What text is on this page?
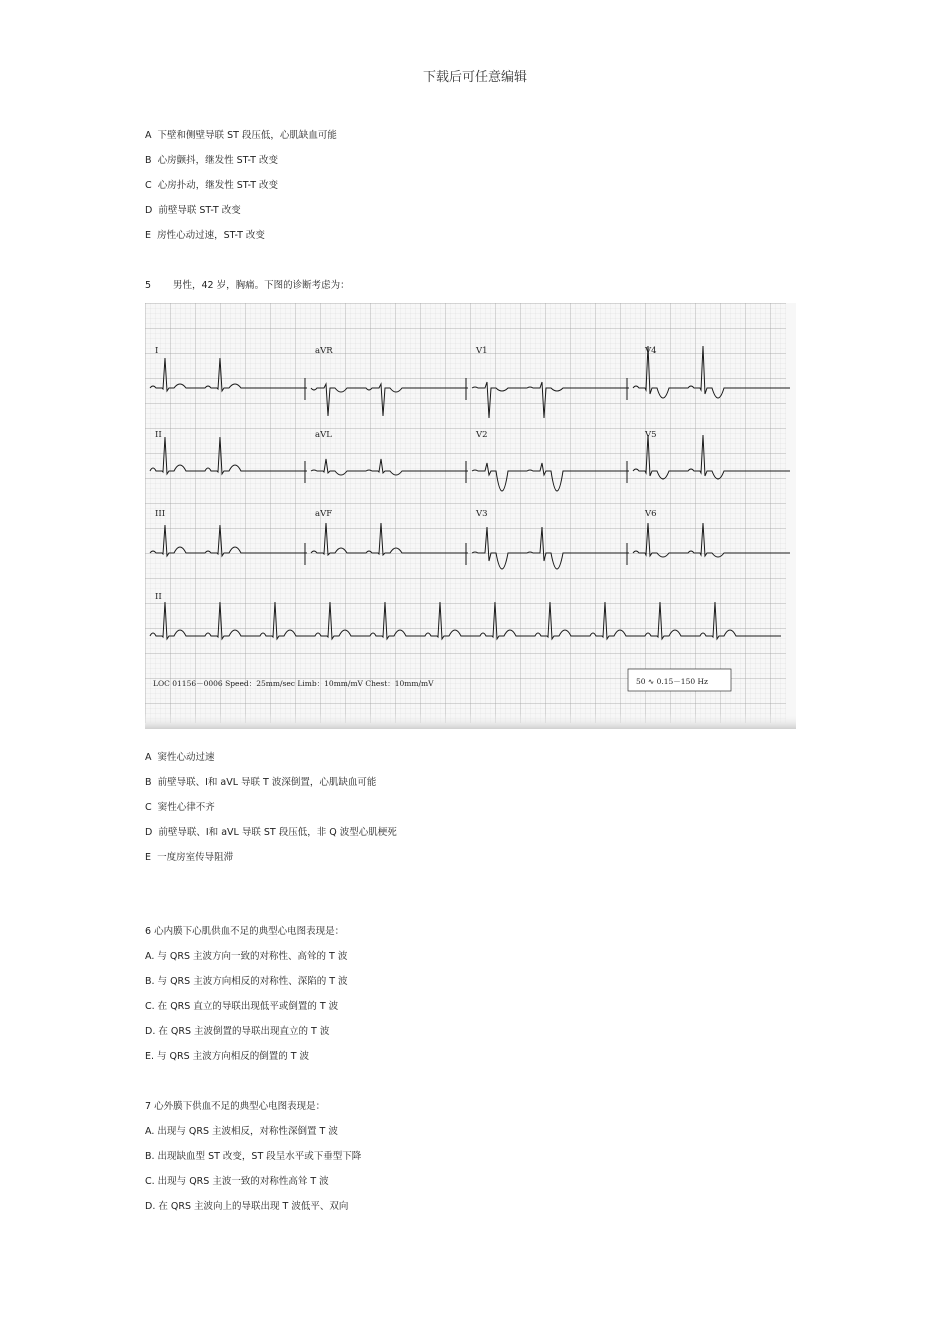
下载后可任意编辑
A 下壁和侧壁导联 ST 段压低，心肌缺血可能
B 心房颤抖，继发性 ST-T 改变
C 心房扑动，继发性 ST-T 改变
D 前壁导联 ST-T 改变
E 房性心动过速，ST-T 改变
5 男性，42 岁，胸痛。下图的诊断考虑为：
I	aVR	V1	V4
II	aVL	V2	V5
III	aVF	V3	V6
II
LOC 01156－0006 Speed：25mm/sec Limb：10mm/mV Chest：10mm/mV	50 ∿ 0.15－150 Hz
A 窦性心动过速
B 前壁导联、Ⅰ和 aVL 导联 T 波深倒置，心肌缺血可能
C 窦性心律不齐
D 前壁导联、Ⅰ和 aVL 导联 ST 段压低，非 Q 波型心肌梗死
E 一度房室传导阻滞
6 心内膜下心肌供血不足的典型心电图表现是：
A. 与 QRS 主波方向一致的对称性、高耸的 T 波
B. 与 QRS 主波方向相反的对称性、深陷的 T 波
C. 在 QRS 直立的导联出现低平或倒置的 T 波
D. 在 QRS 主波倒置的导联出现直立的 T 波
E. 与 QRS 主波方向相反的倒置的 T 波
7 心外膜下供血不足的典型心电图表现是：
A. 出现与 QRS 主波相反，对称性深倒置 T 波
B. 出现缺血型 ST 改变，ST 段呈水平或下垂型下降
C. 出现与 QRS 主波一致的对称性高耸 T 波
D. 在 QRS 主波向上的导联出现 T 波低平、双向
